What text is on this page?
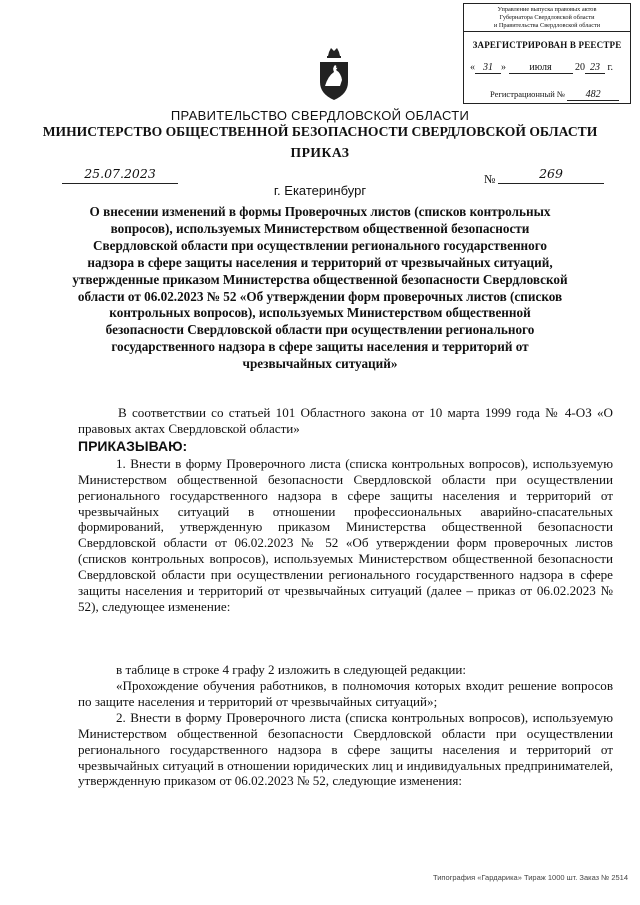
Управление выпуска правовых актов
Губернатора Свердловской области
и Правительства Свердловской области
ЗАРЕГИСТРИРОВАН В РЕЕСТРЕ
« 31 » июля 20 23 г.
Регистрационный № 482
ПРАВИТЕЛЬСТВО СВЕРДЛОВСКОЙ ОБЛАСТИ
МИНИСТЕРСТВО ОБЩЕСТВЕННОЙ БЕЗОПАСНОСТИ СВЕРДЛОВСКОЙ ОБЛАСТИ
ПРИКАЗ
25.07.2023	№	269
г. Екатеринбург
О внесении изменений в формы Проверочных листов (списков контрольных вопросов), используемых Министерством общественной безопасности Свердловской области при осуществлении регионального государственного надзора в сфере защиты населения и территорий от чрезвычайных ситуаций, утвержденные приказом Министерства общественной безопасности Свердловской области от 06.02.2023 № 52 «Об утверждении форм проверочных листов (списков контрольных вопросов), используемых Министерством общественной безопасности Свердловской области при осуществлении регионального государственного надзора в сфере защиты населения и территорий от чрезвычайных ситуаций»
В соответствии со статьей 101 Областного закона от 10 марта 1999 года № 4-ОЗ «О правовых актах Свердловской области»
ПРИКАЗЫВАЮ:
1. Внести в форму Проверочного листа (списка контрольных вопросов), используемую Министерством общественной безопасности Свердловской области при осуществлении регионального государственного надзора в сфере защиты населения и территорий от чрезвычайных ситуаций в отношении профессиональных аварийно-спасательных формирований, утвержденную приказом Министерства общественной безопасности Свердловской области от 06.02.2023 № 52 «Об утверждении форм проверочных листов (списков контрольных вопросов), используемых Министерством общественной безопасности Свердловской области при осуществлении регионального государственного надзора в сфере защиты населения и территорий от чрезвычайных ситуаций (далее – приказ от 06.02.2023 № 52), следующее изменение:
в таблице в строке 4 графу 2 изложить в следующей редакции:
«Прохождение обучения работников, в полномочия которых входит решение вопросов по защите населения и территорий от чрезвычайных ситуаций»;
2. Внести в форму Проверочного листа (списка контрольных вопросов), используемую Министерством общественной безопасности Свердловской области при осуществлении регионального государственного надзора в сфере защиты населения и территорий от чрезвычайных ситуаций в отношении юридических лиц и индивидуальных предпринимателей, утвержденную приказом от 06.02.2023 № 52, следующие изменения:
Типография «Гардарика» Тираж 1000 шт. Заказ № 2514
